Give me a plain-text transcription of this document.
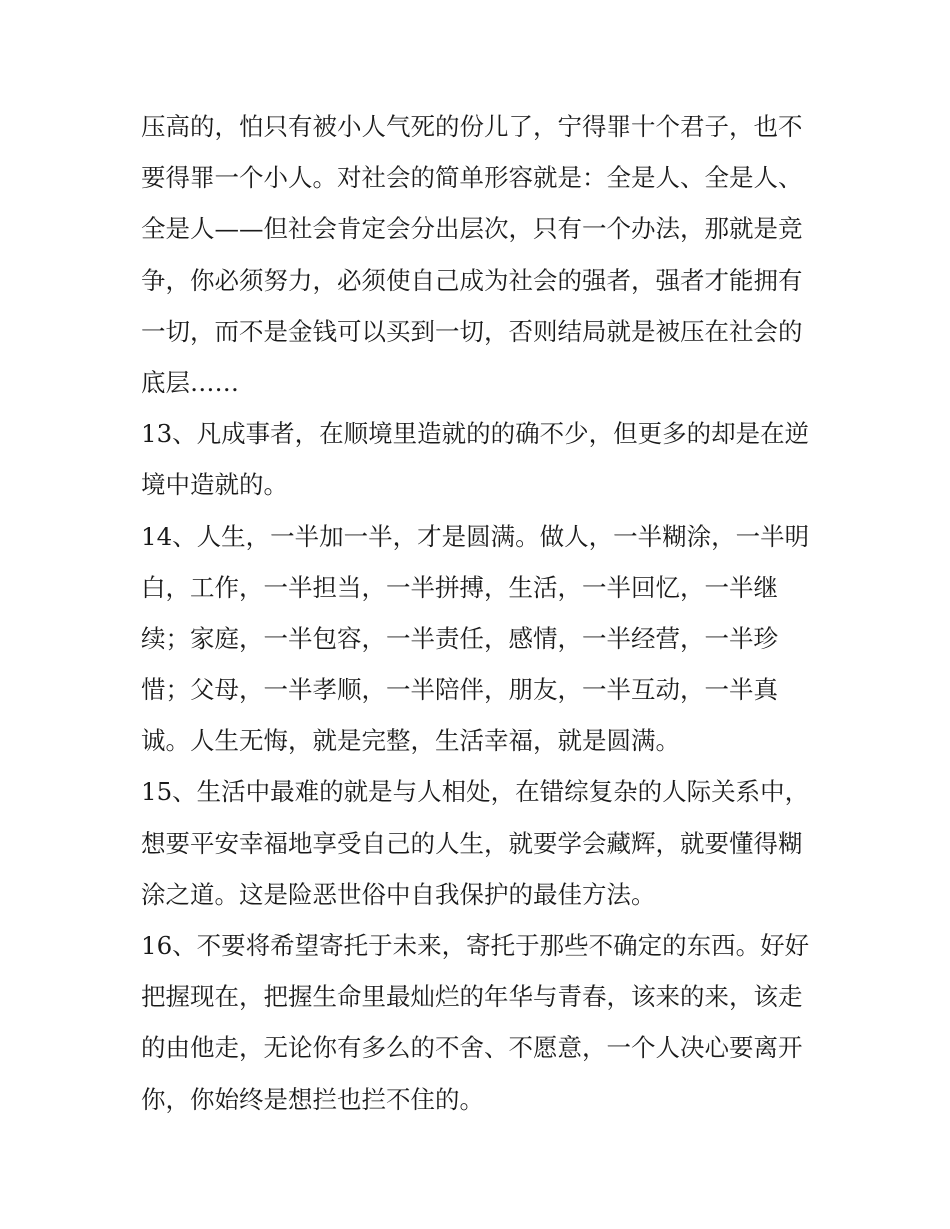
压高的，怕只有被小人气死的份儿了，宁得罪十个君子，也不
要得罪一个小人。对社会的简单形容就是：全是人、全是人、
全是人——但社会肯定会分出层次，只有一个办法，那就是竞
争，你必须努力，必须使自己成为社会的强者，强者才能拥有
一切，而不是金钱可以买到一切，否则结局就是被压在社会的
底层……
13、凡成事者，在顺境里造就的的确不少，但更多的却是在逆
境中造就的。
14、人生，一半加一半，才是圆满。做人，一半糊涂，一半明
白，工作，一半担当，一半拼搏，生活，一半回忆，一半继
续；家庭，一半包容，一半责任，感情，一半经营，一半珍
惜；父母，一半孝顺，一半陪伴，朋友，一半互动，一半真
诚。人生无悔，就是完整，生活幸福，就是圆满。
15、生活中最难的就是与人相处，在错综复杂的人际关系中，
想要平安幸福地享受自己的人生，就要学会藏辉，就要懂得糊
涂之道。这是险恶世俗中自我保护的最佳方法。
16、不要将希望寄托于未来，寄托于那些不确定的东西。好好
把握现在，把握生命里最灿烂的年华与青春，该来的来，该走
的由他走，无论你有多么的不舍、不愿意，一个人决心要离开
你，你始终是想拦也拦不住的。
